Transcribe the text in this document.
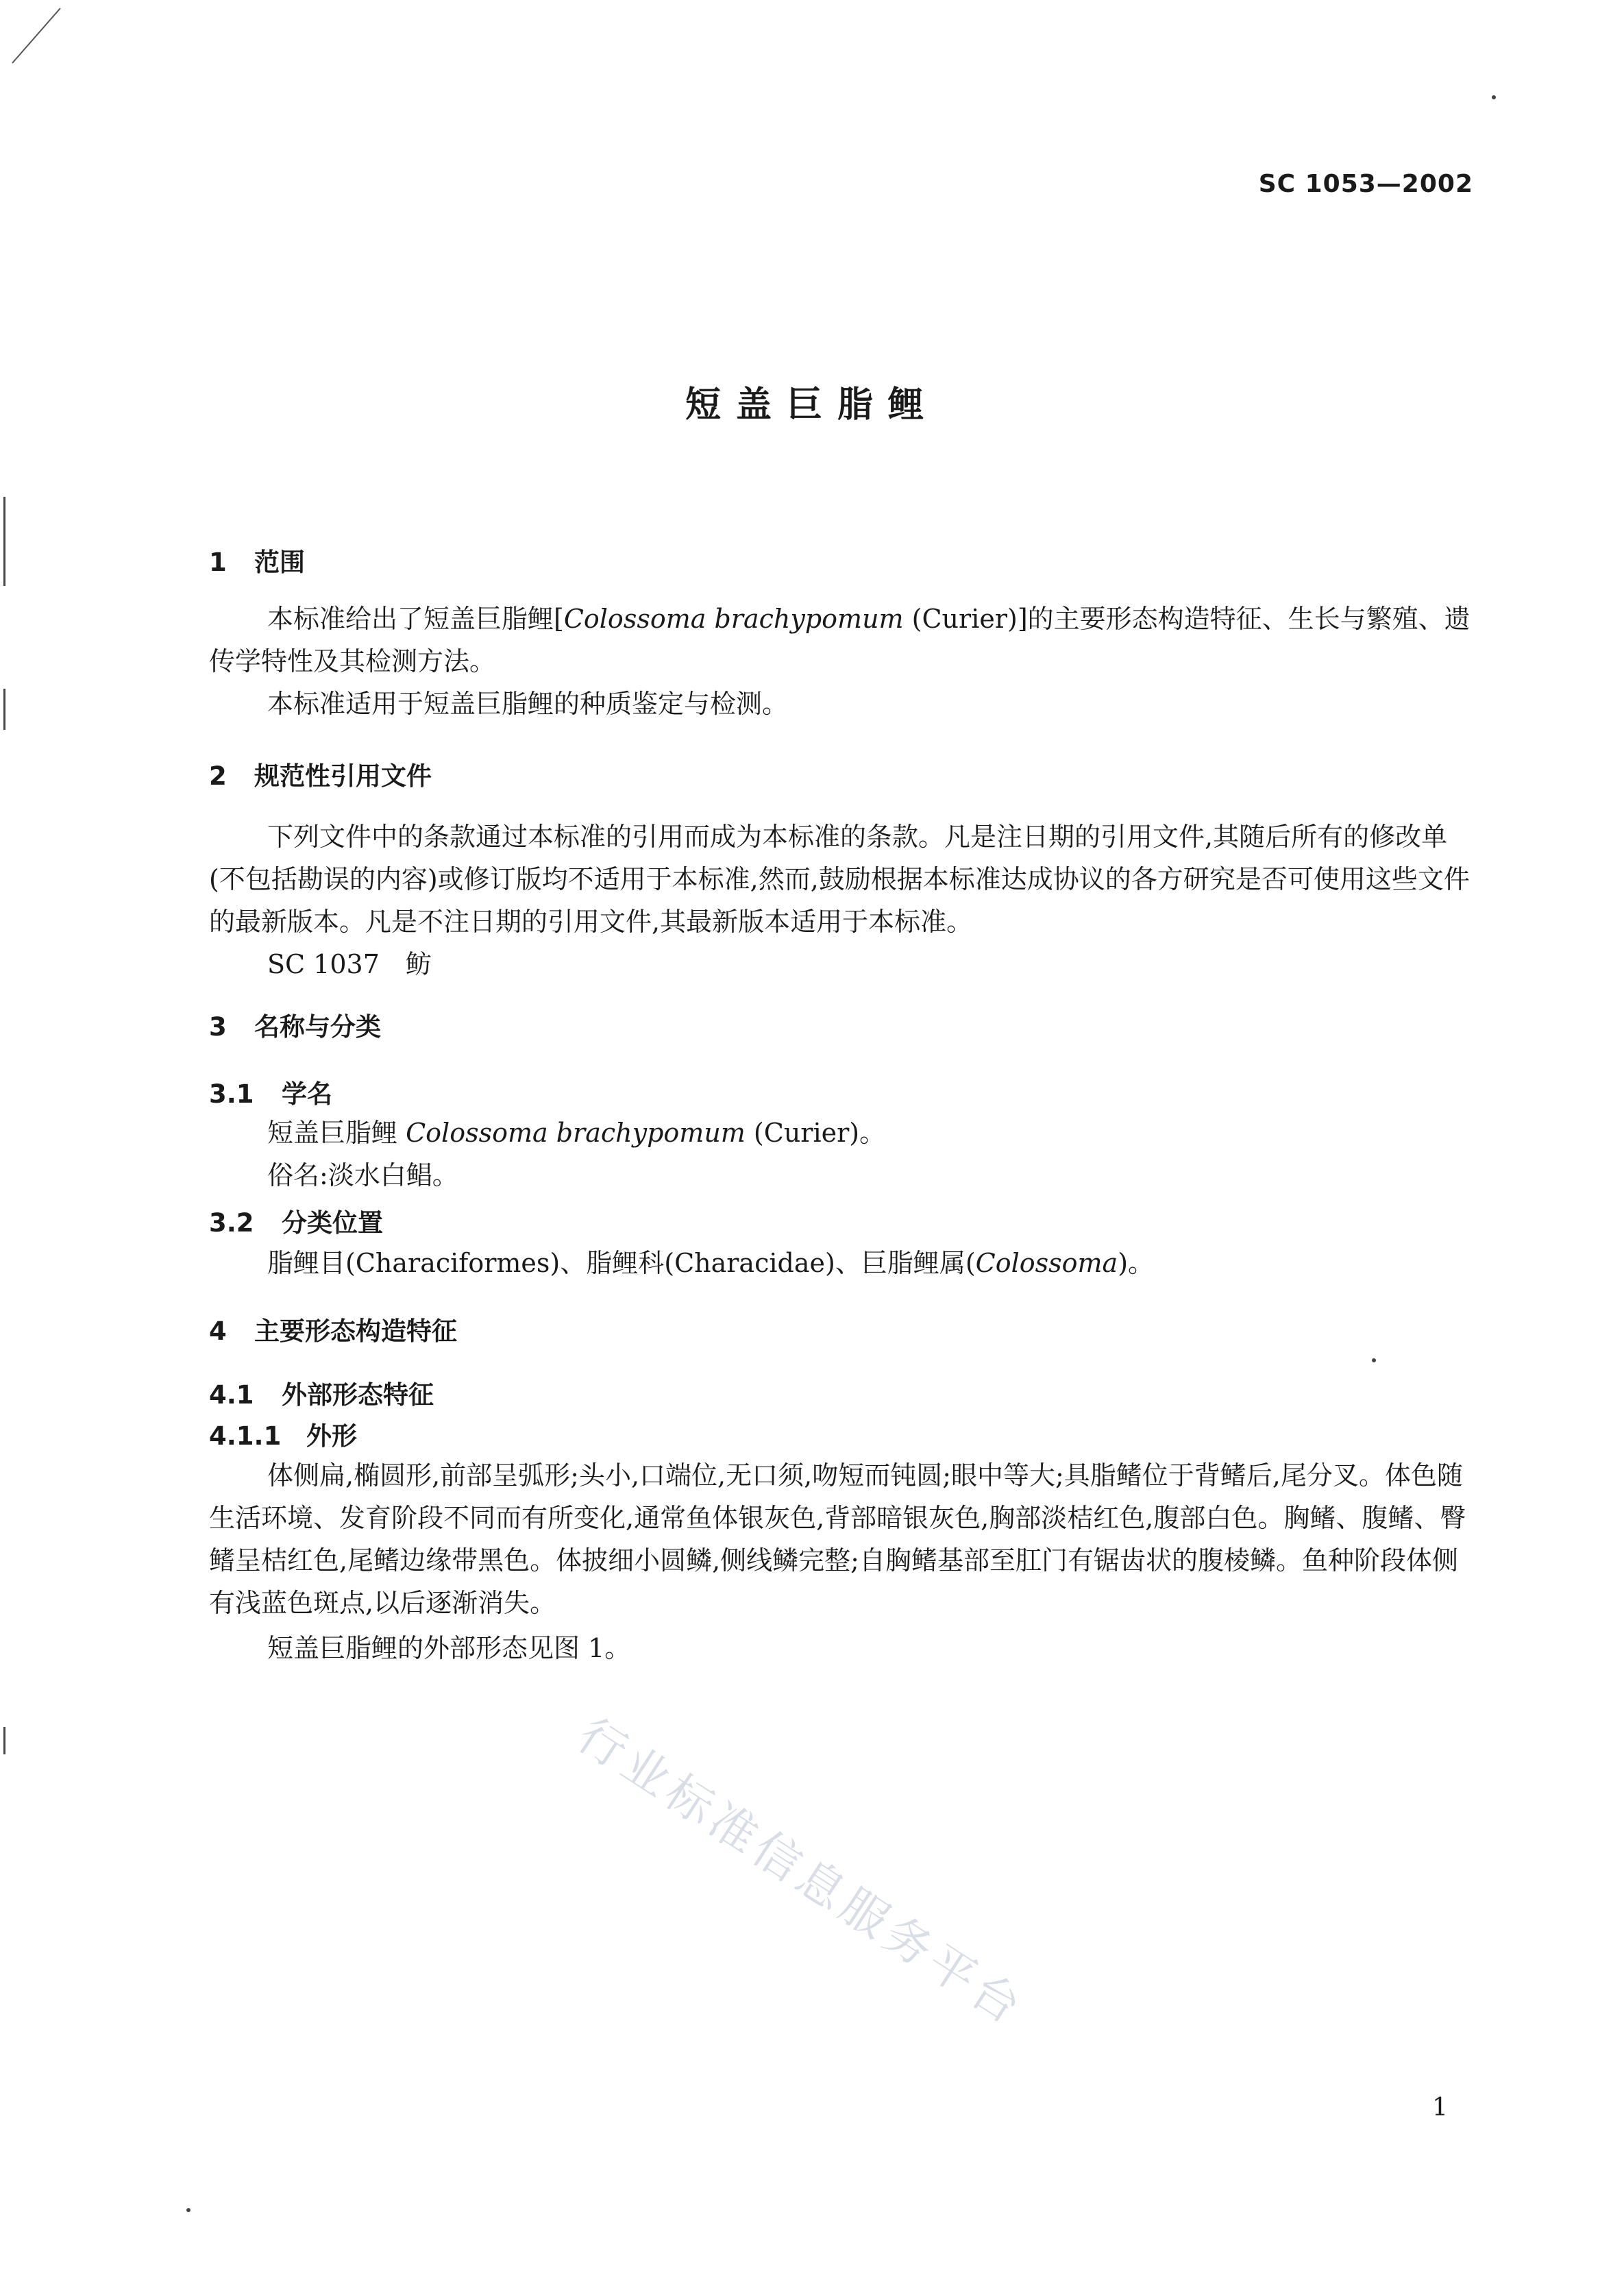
SC 1053—2002
短盖巨脂鲤
1 范围
本标准给出了短盖巨脂鲤[Colossoma brachypomum (Curier)]的主要形态构造特征、生长与繁殖、遗传学特性及其检测方法。
本标准适用于短盖巨脂鲤的种质鉴定与检测。
2 规范性引用文件
下列文件中的条款通过本标准的引用而成为本标准的条款。凡是注日期的引用文件,其随后所有的修改单(不包括勘误的内容)或修订版均不适用于本标准,然而,鼓励根据本标准达成协议的各方研究是否可使用这些文件的最新版本。凡是不注日期的引用文件,其最新版本适用于本标准。
SC 1037　鲂
3 名称与分类
3.1 学名
短盖巨脂鲤 Colossoma brachypomum (Curier)。
俗名:淡水白鲳。
3.2 分类位置
脂鲤目(Characiformes)、脂鲤科(Characidae)、巨脂鲤属(Colossoma)。
4 主要形态构造特征
4.1 外部形态特征
4.1.1 外形
体侧扁,椭圆形,前部呈弧形;头小,口端位,无口须,吻短而钝圆;眼中等大;具脂鳍位于背鳍后,尾分叉。体色随生活环境、发育阶段不同而有所变化,通常鱼体银灰色,背部暗银灰色,胸部淡桔红色,腹部白色。胸鳍、腹鳍、臀鳍呈桔红色,尾鳍边缘带黑色。体披细小圆鳞,侧线鳞完整;自胸鳍基部至肛门有锯齿状的腹棱鳞。鱼种阶段体侧有浅蓝色斑点,以后逐渐消失。
短盖巨脂鲤的外部形态见图 1。
行业标准信息服务平台
1
